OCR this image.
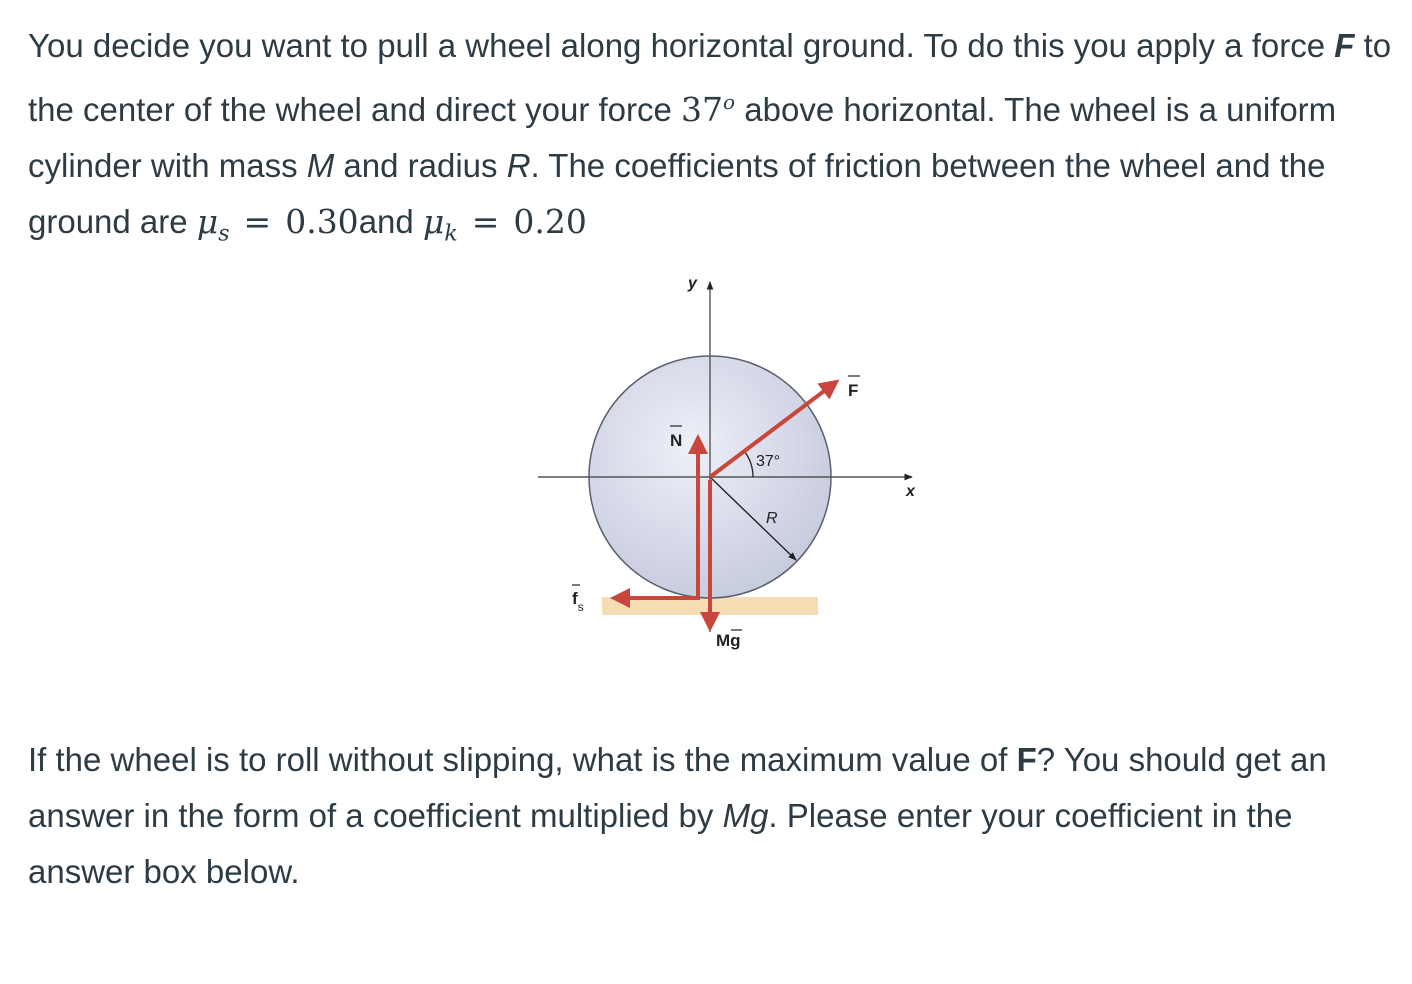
You decide you want to pull a wheel along horizontal ground. To do this you apply a force F to the center of the wheel and direct your force 37$^o$ above horizontal. The wheel is a uniform cylinder with mass M and radius R. The coefficients of friction between the wheel and the ground are $\mu_s = 0.30and$ $\mu_k = 0.20$

y
x
R
37°
$f_s$
N
Mg
F

If the wheel is to roll without slipping, what is the maximum value of F? You should get an answer in the form of a coefficient multiplied by Mg. Please enter your coefficient in the answer box below.
